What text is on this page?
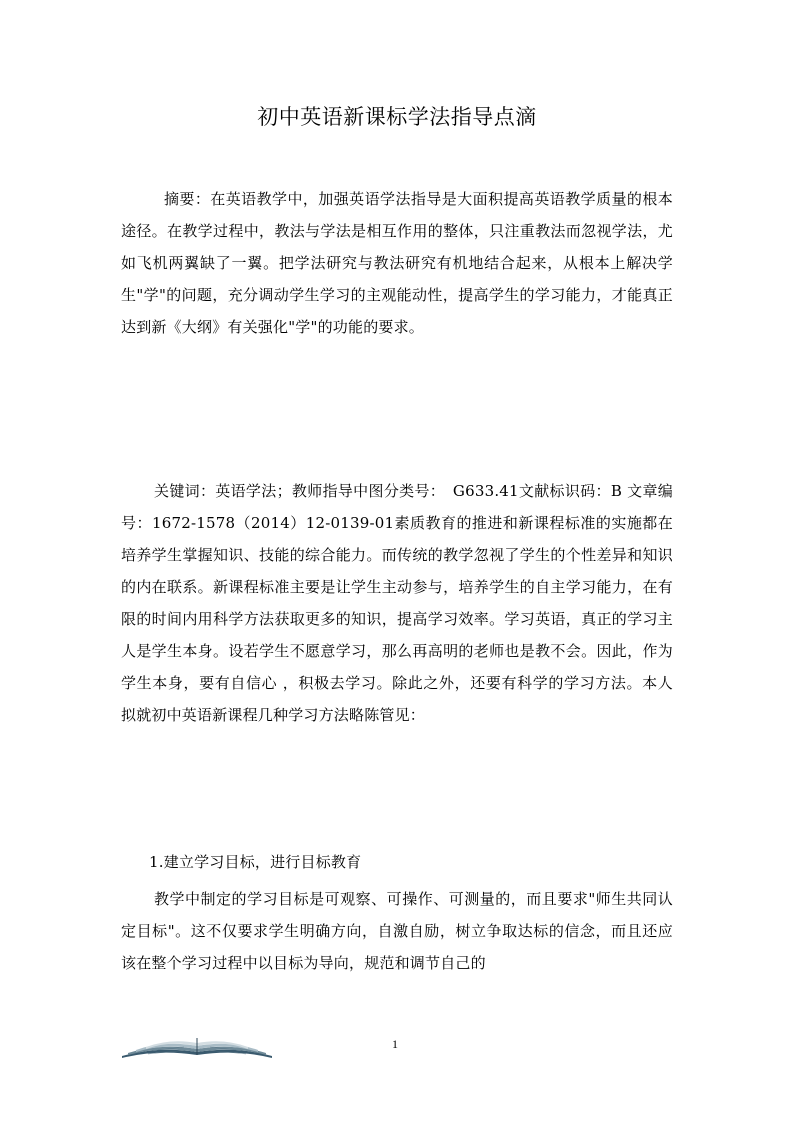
初中英语新课标学法指导点滴

摘要：在英语教学中，加强英语学法指导是大面积提高英语教学质量的根本途径。在教学过程中，教法与学法是相互作用的整体，只注重教法而忽视学法，尤如飞机两翼缺了一翼。把学法研究与教法研究有机地结合起来，从根本上解决学生"学"的问题，充分调动学生学习的主观能动性，提高学生的学习能力，才能真正 达到新《大纲》有关强化"学"的功能的要求。

关键词：英语学法；教师指导中图分类号：　G633.41文献标识码：B 文章编号：1672-1578（2014）12-0139-01素质教育的推进和新课程标准的实施都在培养学生掌握知识、技能的综合能力。而传统的教学忽视了学生的个性差异和知识的内在联系。新课程标准主要是让学生主动参与，培养学生的自主学习能力，在有限的时间内用科学方法获取更多的知识，提高学习效率。学习英语，真正的学习主人是学生本身。设若学生不愿意学习，那么再高明的老师也是教不会。因此，作为学生本身，要有自信心 ，积极去学习。除此之外，还要有科学的学习方法。本人拟就初中英语新课程几种学习方法略陈管见：

1.建立学习目标，进行目标教育

教学中制定的学习目标是可观察、可操作、可测量的，而且要求"师生共同认定目标"。这不仅要求学生明确方向，自激自励，树立争取达标的信念，而且还应该在整个学习过程中以目标为导向，规范和调节自己的

1
